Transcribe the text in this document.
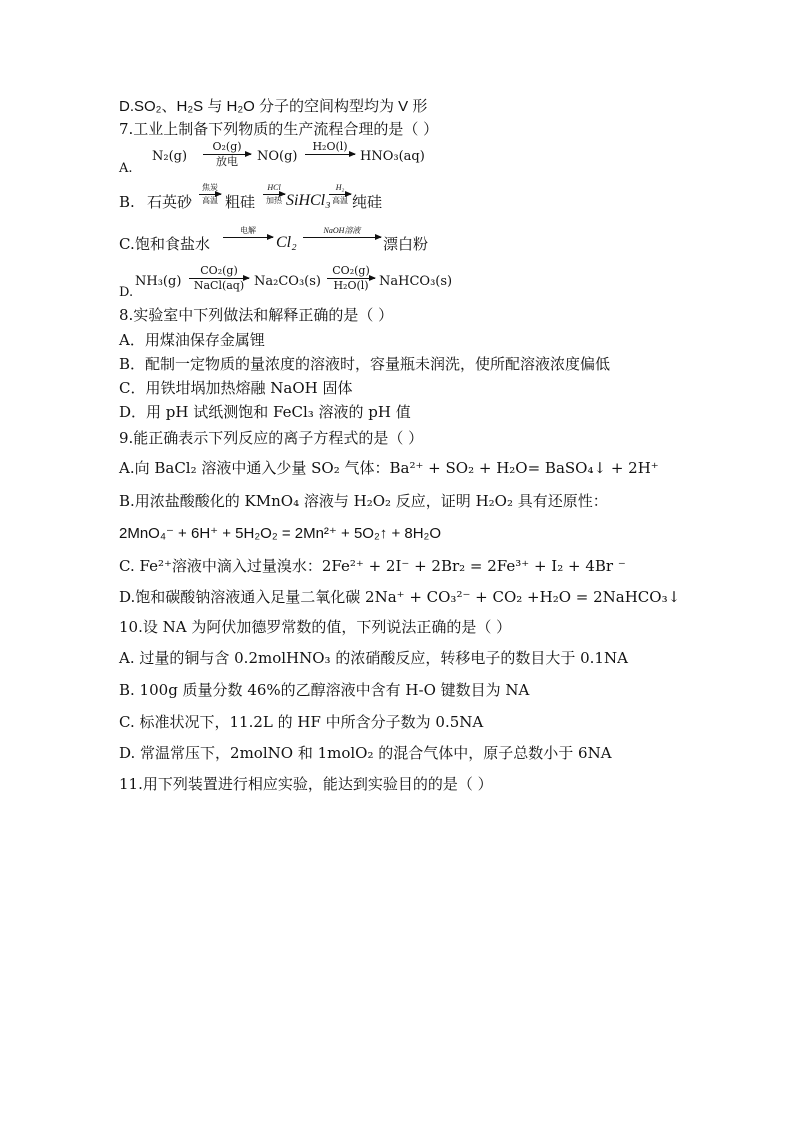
D.SO₂、H₂S 与 H₂O 分子的空间构型均为 V 形
7.工业上制备下列物质的生产流程合理的是（ ）
A.
N₂(g)
O₂(g)
放电	NO(g)
H₂O(l)

HNO₃(aq)
B. 石英砂
焦炭
高温 粗硅
HCl
加热 SiHCl₃
H₂
高温 纯硅
C. 饱和食盐水
电解

Cl₂
NaOH溶液

漂白粉
D.
NH₃(g)
CO₂(g)
NaCl(aq) Na₂CO₃(s)
CO₂(g)
H₂O(l) NaHCO₃(s)
8.实验室中下列做法和解释正确的是（ ）
A．用煤油保存金属锂
B．配制一定物质的量浓度的溶液时，容量瓶未润洗，使所配溶液浓度偏低
C．用铁坩埚加热熔融 NaOH 固体
D．用 pH 试纸测饱和 FeCl₃ 溶液的 pH 值
9.能正确表示下列反应的离子方程式的是（ ）
A.向 BaCl₂ 溶液中通入少量 SO₂ 气体：Ba²⁺ + SO₂ + H₂O= BaSO₄↓ + 2H⁺
B.用浓盐酸酸化的 KMnO₄ 溶液与 H₂O₂ 反应，证明 H₂O₂ 具有还原性：
2MnO₄⁻ + 6H⁺ + 5H₂O₂ = 2Mn²⁺ + 5O₂↑ + 8H₂O
C. Fe²⁺溶液中滴入过量溴水：2Fe²⁺ + 2I⁻ + 2Br₂ = 2Fe³⁺ + I₂ + 4Br ⁻
D.饱和碳酸钠溶液通入足量二氧化碳 2Na⁺ + CO₃²⁻ + CO₂ +H₂O = 2NaHCO₃↓
10.设 NA 为阿伏加德罗常数的值，下列说法正确的是（ ）
A. 过量的铜与含 0.2molHNO₃ 的浓硝酸反应，转移电子的数目大于 0.1NA
B. 100g 质量分数 46%的乙醇溶液中含有 H-O 键数目为 NA
C. 标准状况下，11.2L 的 HF 中所含分子数为 0.5NA
D. 常温常压下，2molNO 和 1molO₂ 的混合气体中，原子总数小于 6NA
11.用下列装置进行相应实验，能达到实验目的的是（ ）
